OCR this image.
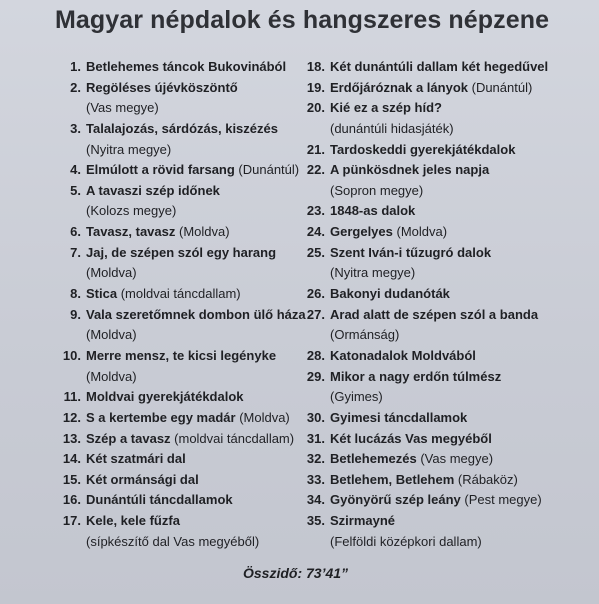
Magyar népdalok és hangszeres népzene
1. Betlehemes táncok Bukovinából
2. Regöléses újévköszöntő
(Vas megye)
3. Talalajozás, sárdózás, kiszézés
(Nyitra megye)
4. Elmúlott a rövid farsang (Dunántúl)
5. A tavaszi szép időnek
(Kolozs megye)
6. Tavasz, tavasz (Moldva)
7. Jaj, de szépen szól egy harang
(Moldva)
8. Stica (moldvai táncdallam)
9. Vala szeretőmnek dombon ülő háza
(Moldva)
10. Merre mensz, te kicsi legényke
(Moldva)
11. Moldvai gyerekjátékdalok
12. S a kertembe egy madár (Moldva)
13. Szép a tavasz (moldvai táncdallam)
14. Két szatmári dal
15. Két ormánsági dal
16. Dunántúli táncdallamok
17. Kele, kele fűzfa
(sípkészítő dal Vas megyéből)
18. Két dunántúli dallam két hegedűvel
19. Erdőjáróznak a lányok (Dunántúl)
20. Kié ez a szép híd?
(dunántúli hidasjáték)
21. Tardoskeddi gyerekjátékdalok
22. A pünkösdnek jeles napja
(Sopron megye)
23. 1848-as dalok
24. Gergelyes (Moldva)
25. Szent Iván-i tűzugró dalok
(Nyitra megye)
26. Bakonyi dudanóták
27. Arad alatt de szépen szól a banda
(Ormánság)
28. Katonadalok Moldvából
29. Mikor a nagy erdőn túlmész
(Gyimes)
30. Gyimesi táncdallamok
31. Két lucázás Vas megyéből
32. Betlehemezés (Vas megye)
33. Betlehem, Betlehem (Rábaköz)
34. Gyönyörű szép leány (Pest megye)
35. Szirmayné
(Felföldi középkori dallam)
Összidő: 73’41”
